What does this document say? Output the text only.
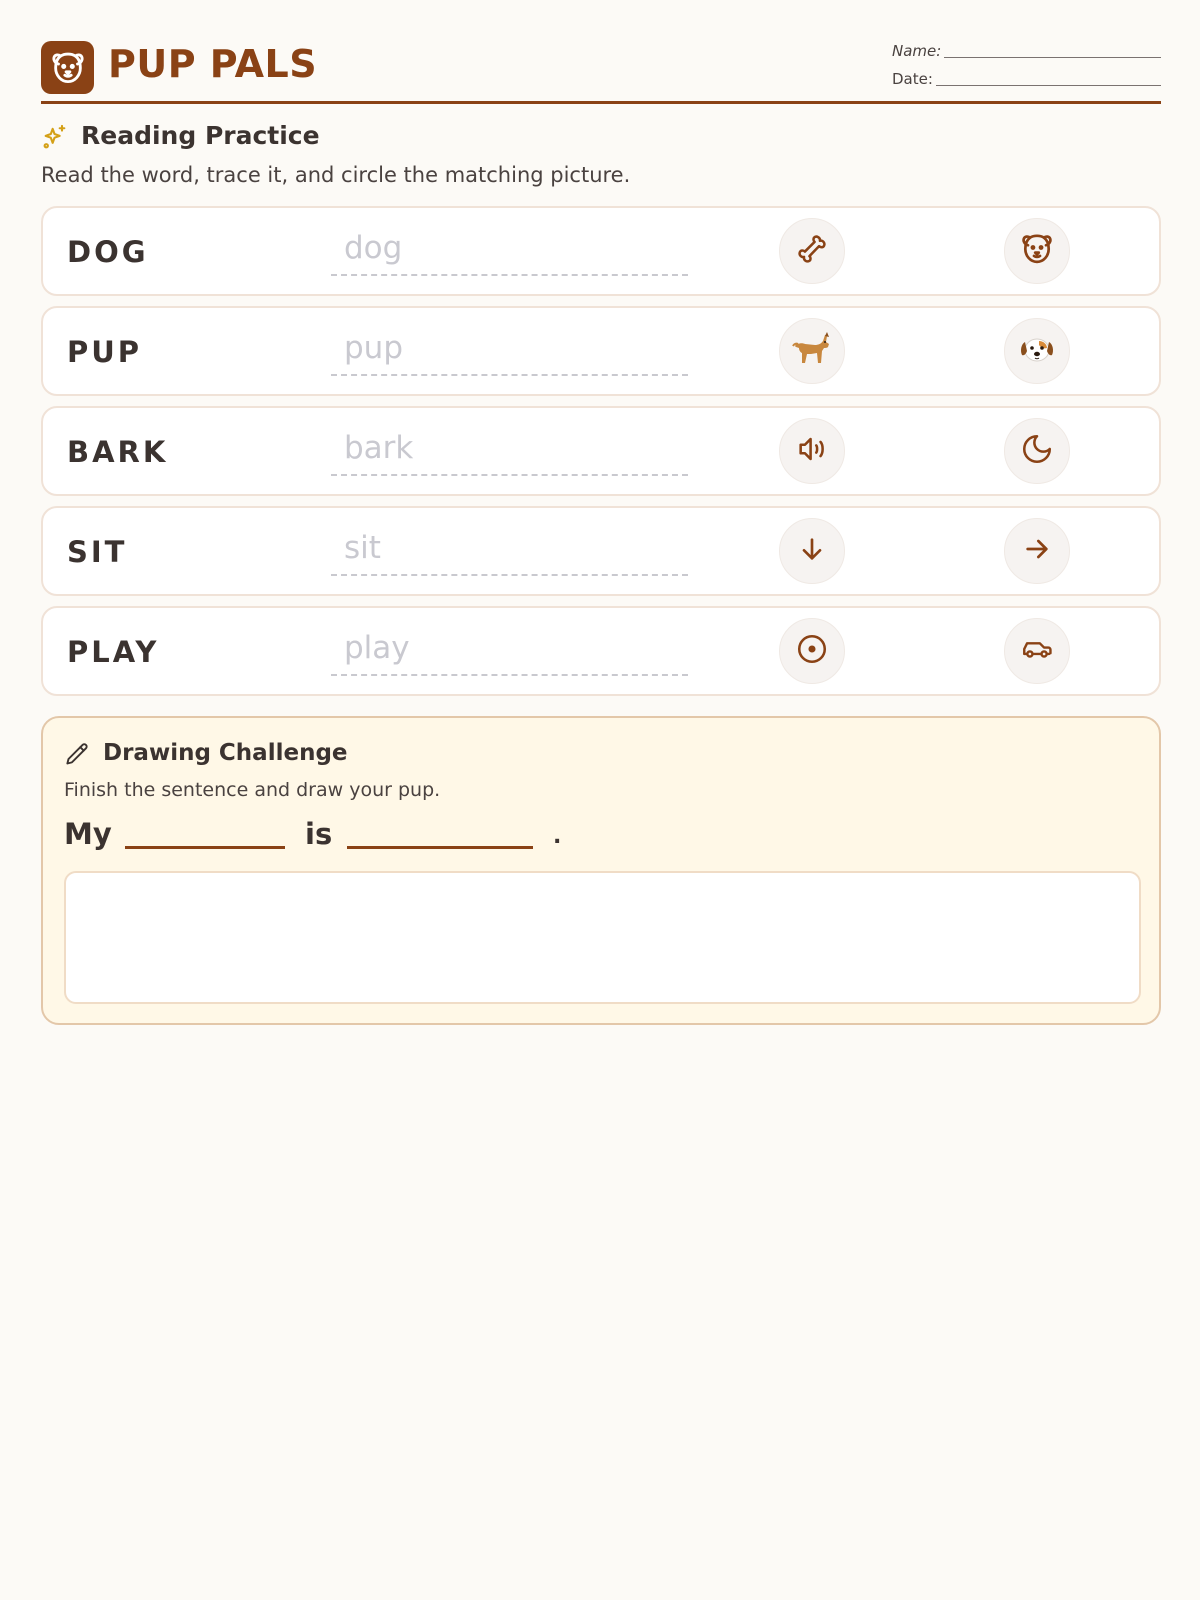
PUP PALS	Name:
Date:
Reading Practice
Read the word, trace it, and circle the matching picture.
DOG	dog
PUP	pup
BARK	bark
SIT	sit
PLAY	play
Drawing Challenge
Finish the sentence and draw your pup.
My	is	.
